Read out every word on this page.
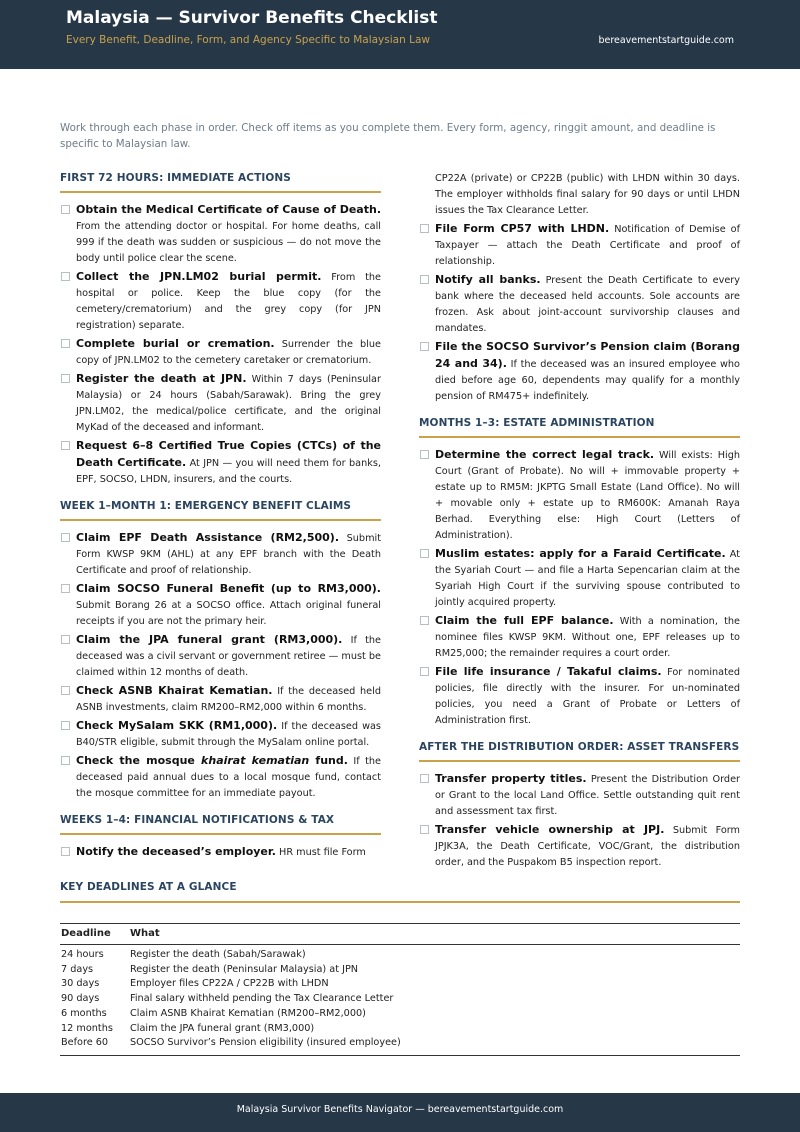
Malaysia — Survivor Benefits Checklist
Every Benefit, Deadline, Form, and Agency Specific to Malaysian Law	bereavementstartguide.com

Work through each phase in order. Check off items as you complete them. Every form, agency, ringgit amount, and deadline is specific to Malaysian law.

FIRST 72 HOURS: IMMEDIATE ACTIONS
Obtain the Medical Certificate of Cause of Death. From the attending doctor or hospital. For home deaths, call 999 if the death was sudden or suspicious — do not move the body until police clear the scene.
Collect the JPN.LM02 burial permit. From the hospital or police. Keep the blue copy (for the cemetery/crematorium) and the grey copy (for JPN registration) separate.
Complete burial or cremation. Surrender the blue copy of JPN.LM02 to the cemetery caretaker or crematorium.
Register the death at JPN. Within 7 days (Peninsular Malaysia) or 24 hours (Sabah/Sarawak). Bring the grey JPN.LM02, the medical/police certificate, and the original MyKad of the deceased and informant.
Request 6–8 Certified True Copies (CTCs) of the Death Certificate. At JPN — you will need them for banks, EPF, SOCSO, LHDN, insurers, and the courts.
WEEK 1–MONTH 1: EMERGENCY BENEFIT CLAIMS
Claim EPF Death Assistance (RM2,500). Submit Form KWSP 9KM (AHL) at any EPF branch with the Death Certificate and proof of relationship.
Claim SOCSO Funeral Benefit (up to RM3,000). Submit Borang 26 at a SOCSO office. Attach original funeral receipts if you are not the primary heir.
Claim the JPA funeral grant (RM3,000). If the deceased was a civil servant or government retiree — must be claimed within 12 months of death.
Check ASNB Khairat Kematian. If the deceased held ASNB investments, claim RM200–RM2,000 within 6 months.
Check MySalam SKK (RM1,000). If the deceased was B40/STR eligible, submit through the MySalam online portal.
Check the mosque khairat kematian fund. If the deceased paid annual dues to a local mosque fund, contact the mosque committee for an immediate payout.
WEEKS 1–4: FINANCIAL NOTIFICATIONS & TAX
Notify the deceased’s employer. HR must file Form
CP22A (private) or CP22B (public) with LHDN within 30 days. The employer withholds final salary for 90 days or until LHDN issues the Tax Clearance Letter.
File Form CP57 with LHDN. Notification of Demise of Taxpayer — attach the Death Certificate and proof of relationship.
Notify all banks. Present the Death Certificate to every bank where the deceased held accounts. Sole accounts are frozen. Ask about joint-account survivorship clauses and mandates.
File the SOCSO Survivor’s Pension claim (Borang 24 and 34). If the deceased was an insured employee who died before age 60, dependents may qualify for a monthly pension of RM475+ indefinitely.
MONTHS 1–3: ESTATE ADMINISTRATION
Determine the correct legal track. Will exists: High Court (Grant of Probate). No will + immovable property + estate up to RM5M: JKPTG Small Estate (Land Office). No will + movable only + estate up to RM600K: Amanah Raya Berhad. Everything else: High Court (Letters of Administration).
Muslim estates: apply for a Faraid Certificate. At the Syariah Court — and file a Harta Sepencarian claim at the Syariah High Court if the surviving spouse contributed to jointly acquired property.
Claim the full EPF balance. With a nomination, the nominee files KWSP 9KM. Without one, EPF releases up to RM25,000; the remainder requires a court order.
File life insurance / Takaful claims. For nominated policies, file directly with the insurer. For un-nominated policies, you need a Grant of Probate or Letters of Administration first.
AFTER THE DISTRIBUTION ORDER: ASSET TRANSFERS
Transfer property titles. Present the Distribution Order or Grant to the local Land Office. Settle outstanding quit rent and assessment tax first.
Transfer vehicle ownership at JPJ. Submit Form JPJK3A, the Death Certificate, VOC/Grant, the distribution order, and the Puspakom B5 inspection report.
KEY DEADLINES AT A GLANCE
Deadline	What
24 hours	Register the death (Sabah/Sarawak)
7 days	Register the death (Peninsular Malaysia) at JPN
30 days	Employer files CP22A / CP22B with LHDN
90 days	Final salary withheld pending the Tax Clearance Letter
6 months	Claim ASNB Khairat Kematian (RM200–RM2,000)
12 months	Claim the JPA funeral grant (RM3,000)
Before 60	SOCSO Survivor’s Pension eligibility (insured employee)
Malaysia Survivor Benefits Navigator — bereavementstartguide.com
